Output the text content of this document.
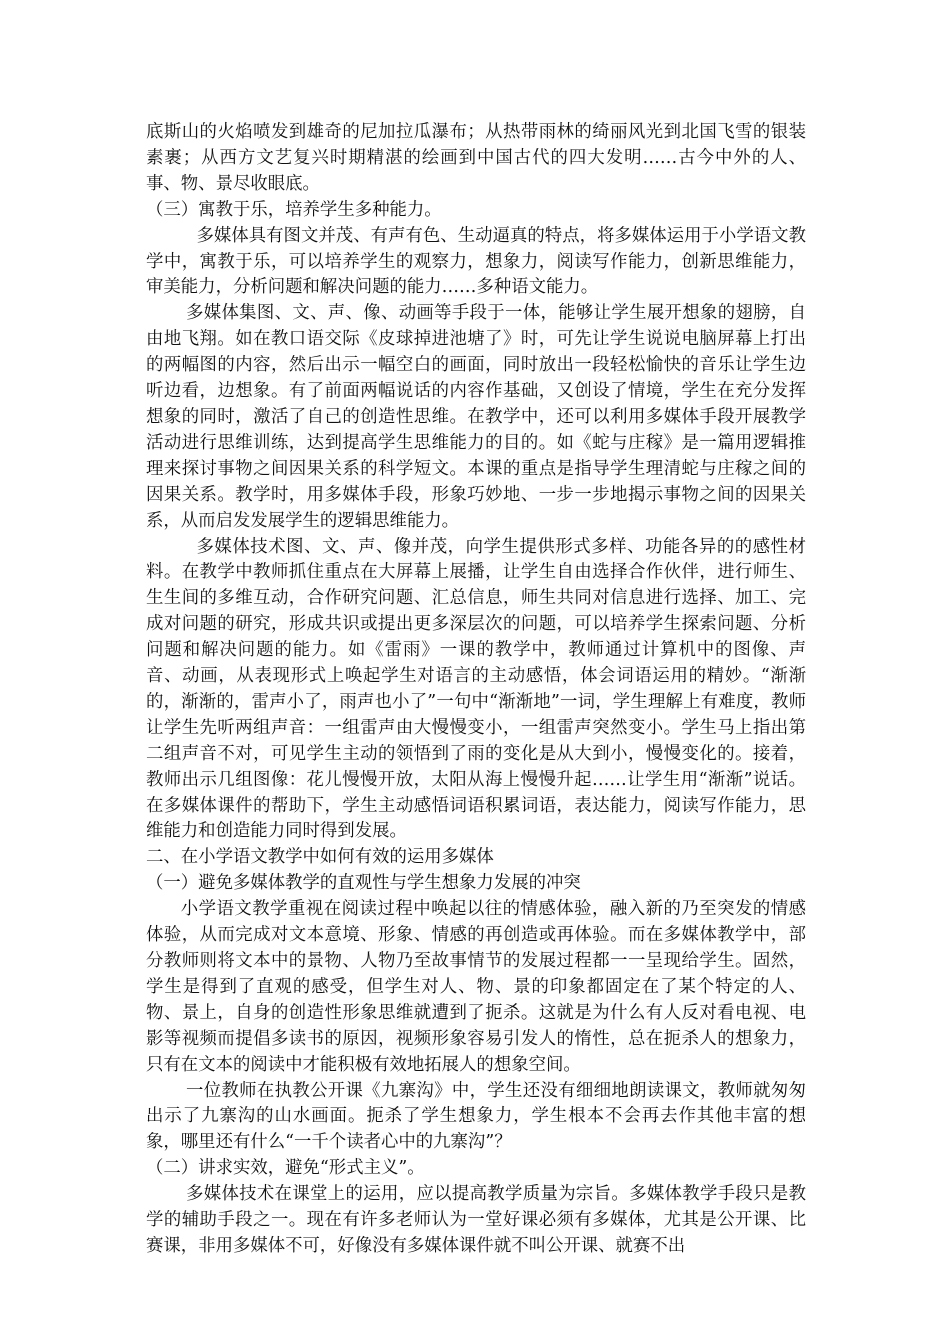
底斯山的火焰喷发到雄奇的尼加拉瓜瀑布；从热带雨林的绮丽风光到北国飞雪的银装素裹；从西方文艺复兴时期精湛的绘画到中国古代的四大发明……古今中外的人、事、物、景尽收眼底。

（三）寓教于乐，培养学生多种能力。

多媒体具有图文并茂、有声有色、生动逼真的特点，将多媒体运用于小学语文教学中，寓教于乐，可以培养学生的观察力，想象力，阅读写作能力，创新思维能力，审美能力，分析问题和解决问题的能力……多种语文能力。

多媒体集图、文、声、像、动画等手段于一体，能够让学生展开想象的翅膀，自由地飞翔。如在教口语交际《皮球掉进池塘了》时，可先让学生说说电脑屏幕上打出的两幅图的内容，然后出示一幅空白的画面，同时放出一段轻松愉快的音乐让学生边听边看，边想象。有了前面两幅说话的内容作基础，又创设了情境，学生在充分发挥想象的同时，激活了自己的创造性思维。在教学中，还可以利用多媒体手段开展教学活动进行思维训练，达到提高学生思维能力的目的。如《蛇与庄稼》是一篇用逻辑推理来探讨事物之间因果关系的科学短文。本课的重点是指导学生理清蛇与庄稼之间的因果关系。教学时，用多媒体手段，形象巧妙地、一步一步地揭示事物之间的因果关系，从而启发发展学生的逻辑思维能力。

多媒体技术图、文、声、像并茂，向学生提供形式多样、功能各异的的感性材料。在教学中教师抓住重点在大屏幕上展播，让学生自由选择合作伙伴，进行师生、生生间的多维互动，合作研究问题、汇总信息，师生共同对信息进行选择、加工、完成对问题的研究，形成共识或提出更多深层次的问题，可以培养学生探索问题、分析问题和解决问题的能力。如《雷雨》一课的教学中，教师通过计算机中的图像、声音、动画，从表现形式上唤起学生对语言的主动感悟，体会词语运用的精妙。“渐渐的，渐渐的，雷声小了，雨声也小了”一句中“渐渐地”一词，学生理解上有难度，教师让学生先听两组声音：一组雷声由大慢慢变小，一组雷声突然变小。学生马上指出第二组声音不对，可见学生主动的领悟到了雨的变化是从大到小，慢慢变化的。接着，教师出示几组图像：花儿慢慢开放，太阳从海上慢慢升起……让学生用“渐渐”说话。在多媒体课件的帮助下，学生主动感悟词语积累词语，表达能力，阅读写作能力，思维能力和创造能力同时得到发展。

二、在小学语文教学中如何有效的运用多媒体

（一）避免多媒体教学的直观性与学生想象力发展的冲突

小学语文教学重视在阅读过程中唤起以往的情感体验，融入新的乃至突发的情感体验，从而完成对文本意境、形象、情感的再创造或再体验。而在多媒体教学中，部分教师则将文本中的景物、人物乃至故事情节的发展过程都一一呈现给学生。固然，学生是得到了直观的感受，但学生对人、物、景的印象都固定在了某个特定的人、物、景上，自身的创造性形象思维就遭到了扼杀。这就是为什么有人反对看电视、电影等视频而提倡多读书的原因，视频形象容易引发人的惰性，总在扼杀人的想象力，只有在文本的阅读中才能积极有效地拓展人的想象空间。

一位教师在执教公开课《九寨沟》中，学生还没有细细地朗读课文，教师就匆匆出示了九寨沟的山水画面。扼杀了学生想象力，学生根本不会再去作其他丰富的想象，哪里还有什么“一千个读者心中的九寨沟”？

（二）讲求实效，避免“形式主义”。

多媒体技术在课堂上的运用，应以提高教学质量为宗旨。多媒体教学手段只是教学的辅助手段之一。现在有许多老师认为一堂好课必须有多媒体，尤其是公开课、比赛课，非用多媒体不可，好像没有多媒体课件就不叫公开课、就赛不出
